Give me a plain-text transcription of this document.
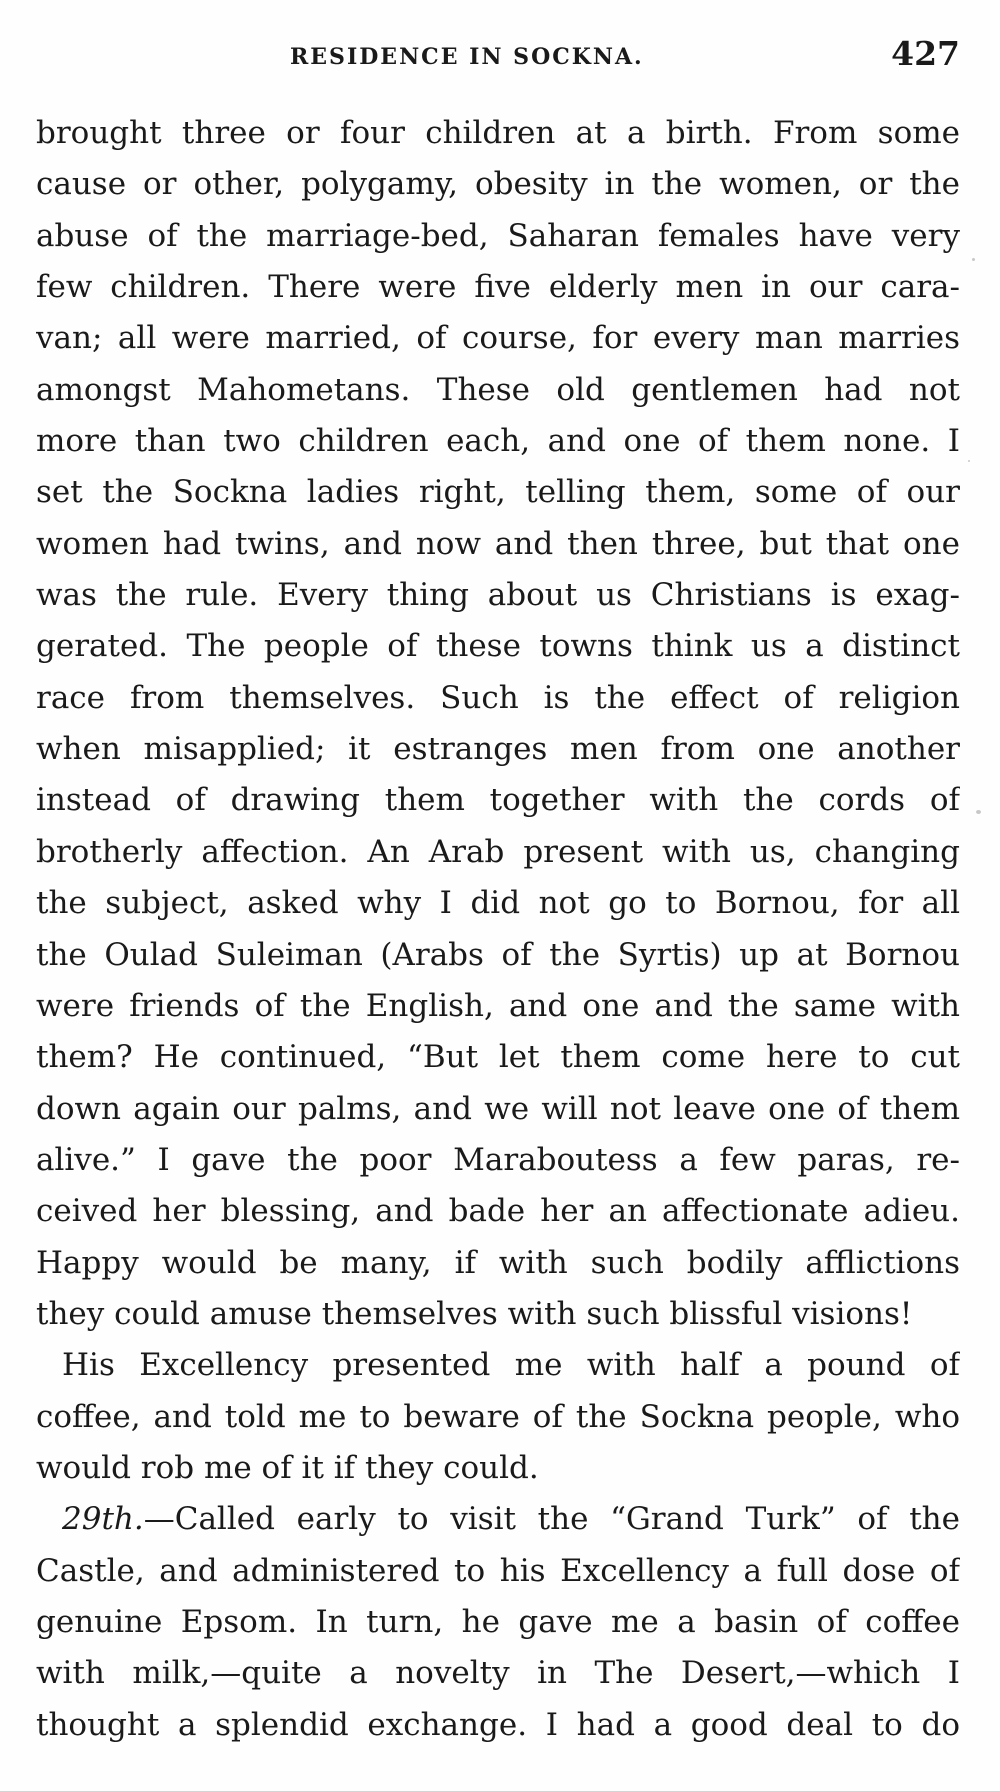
RESIDENCE IN SOCKNA.	427
brought three or four children at a birth. From some
cause or other, polygamy, obesity in the women, or the
abuse of the marriage-bed, Saharan females have very
few children. There were five elderly men in our cara-
van; all were married, of course, for every man marries
amongst Mahometans. These old gentlemen had not
more than two children each, and one of them none. I
set the Sockna ladies right, telling them, some of our
women had twins, and now and then three, but that one
was the rule. Every thing about us Christians is exag-
gerated. The people of these towns think us a distinct
race from themselves. Such is the effect of religion
when misapplied; it estranges men from one another
instead of drawing them together with the cords of
brotherly affection. An Arab present with us, changing
the subject, asked why I did not go to Bornou, for all
the Oulad Suleiman (Arabs of the Syrtis) up at Bornou
were friends of the English, and one and the same with
them? He continued, “But let them come here to cut
down again our palms, and we will not leave one of them
alive.” I gave the poor Maraboutess a few paras, re-
ceived her blessing, and bade her an affectionate adieu.
Happy would be many, if with such bodily afflictions
they could amuse themselves with such blissful visions!
His Excellency presented me with half a pound of
coffee, and told me to beware of the Sockna people, who
would rob me of it if they could.
29th.—Called early to visit the “Grand Turk” of the
Castle, and administered to his Excellency a full dose of
genuine Epsom. In turn, he gave me a basin of coffee
with milk,—quite a novelty in The Desert,—which I
thought a splendid exchange. I had a good deal to do
